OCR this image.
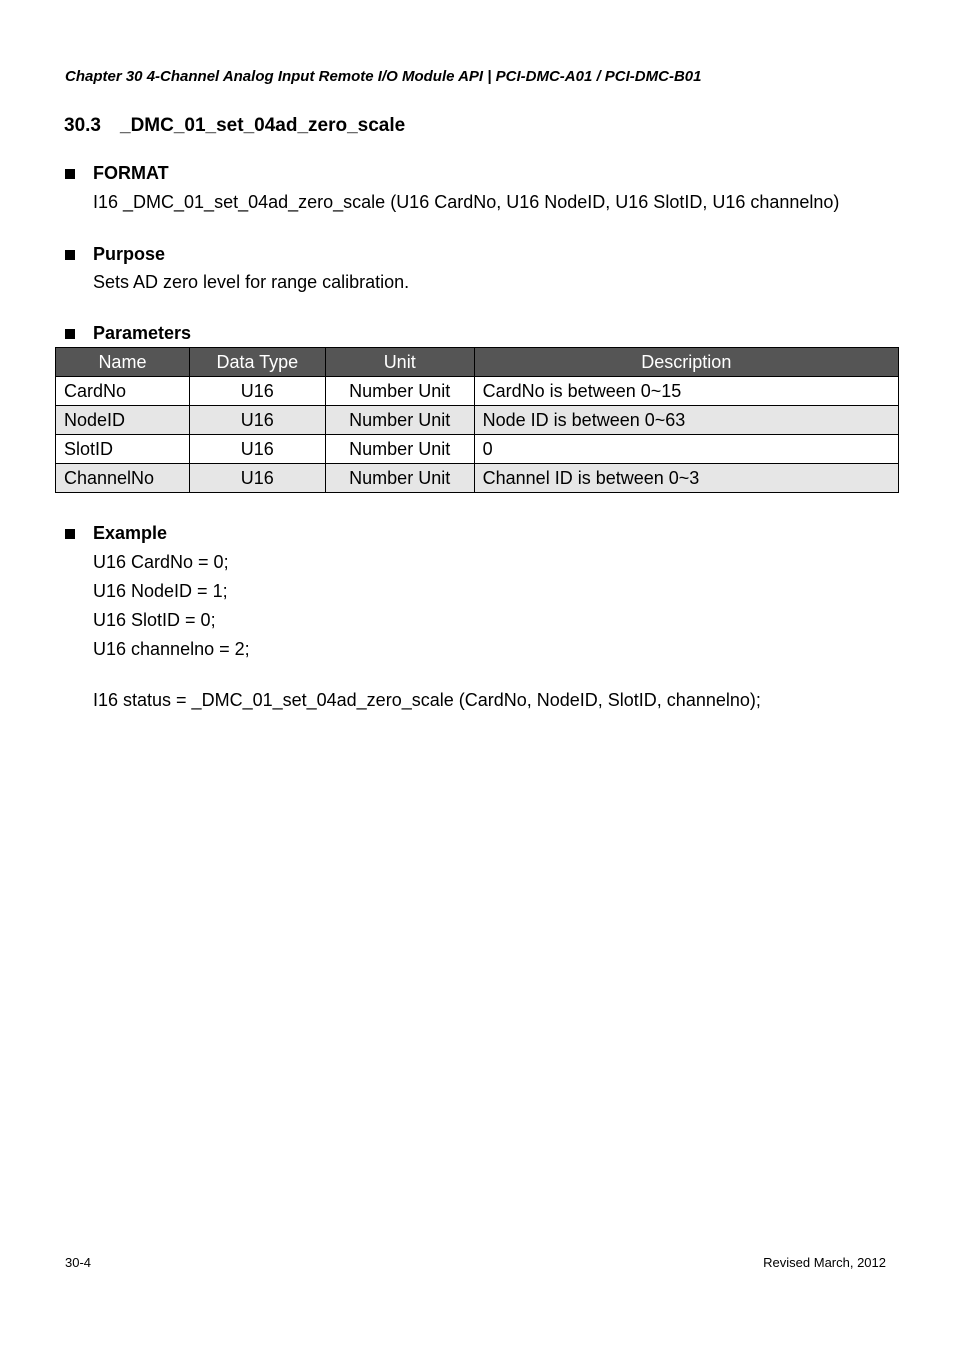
Chapter 30 4-Channel Analog Input Remote I/O Module API | PCI-DMC-A01 / PCI-DMC-B01
30.3 _DMC_01_set_04ad_zero_scale
FORMAT
I16 _DMC_01_set_04ad_zero_scale (U16 CardNo, U16 NodeID, U16 SlotID, U16 channelno)
Purpose
Sets AD zero level for range calibration.
Parameters
Name	Data Type	Unit	Description
CardNo	U16	Number Unit	CardNo is between 0~15
NodeID	U16	Number Unit	Node ID is between 0~63
SlotID	U16	Number Unit	0
ChannelNo	U16	Number Unit	Channel ID is between 0~3
Example
U16 CardNo = 0;
U16 NodeID = 1;
U16 SlotID = 0;
U16 channelno = 2;
I16 status = _DMC_01_set_04ad_zero_scale (CardNo, NodeID, SlotID, channelno);
30-4	Revised March, 2012
